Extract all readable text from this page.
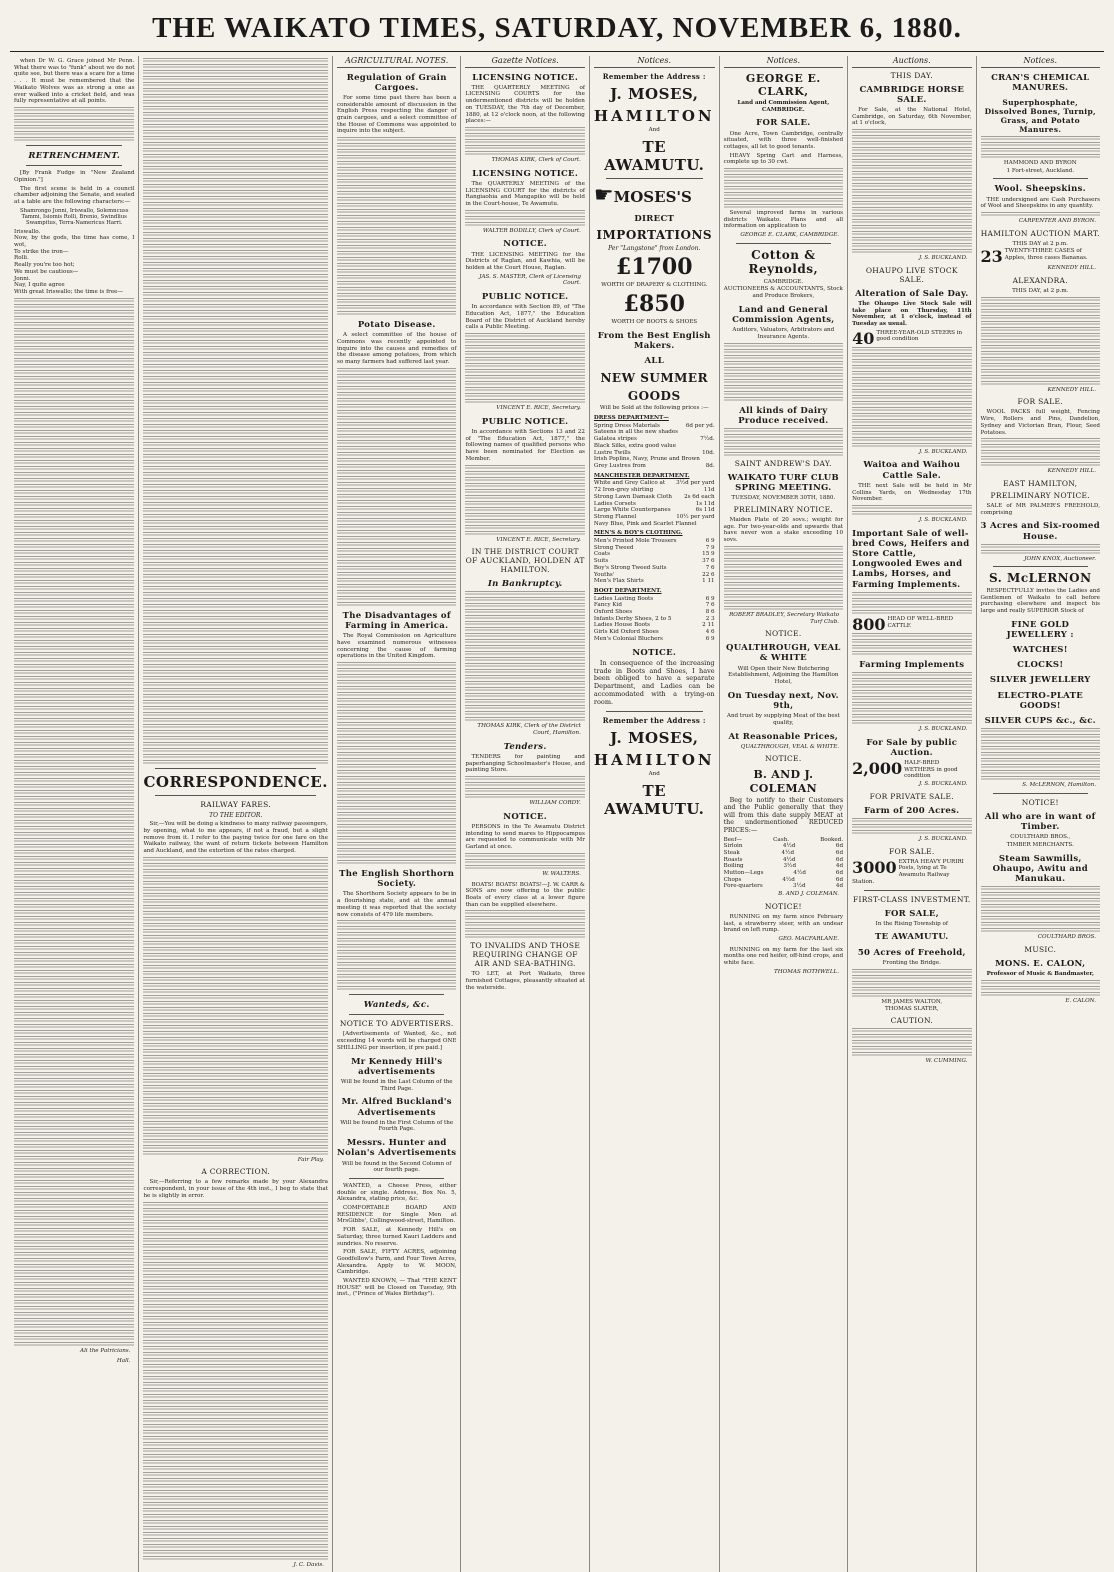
THE WAIKATO TIMES, SATURDAY, NOVEMBER 6, 1880.
when Dr W. G. Grace joined Mr Penn. What there was to "funk" about we do not quite see, but there was a scare for a time . . . It must be remembered that the Waikato Wolves was as strong a one as ever walked into a cricket field, and was fully representative at all points.
RETRENCHMENT.
[By Frank Fudge in "New Zealand Opinion."]
The first scene is held in a council chamber adjoining the Senate, and seated at a table are the following characters:—
Shamrongo Jonni, Iriswallo, Solemncuss Tammi, Isiomis Rolli, Brenio, Swindlius Swampitus, Terra-Namericus Harri.
Iriswallo.
Now, by the gods, the time has come, I wot,
To strike the iron—
Rolli.
Really you're too hot;
We must be cautious—
Jonni.
Nay, I quite agree
With great Iriswallo; the time is free—
Ali the Patricians.
Hall.
CORRESPONDENCE.
RAILWAY FARES.
TO THE EDITOR.
Sir,—You will be doing a kindness to many railway passengers, by opening, what to me appears, if not a fraud, but a slight remove from it. I refer to the paying twice for one fare on the Waikato railway, the want of return tickets between Hamilton and Auckland, and the extortion of the rates charged.
Fair Play.
A CORRECTION.
Sir,—Referring to a few remarks made by your Alexandra correspondent, in your issue of the 4th inst., I beg to state that he is slightly in error.
J. C. Davis.
AGRICULTURAL NOTES.
Regulation of Grain Cargoes.
For some time past there has been a considerable amount of discussion in the English Press respecting the danger of grain cargoes, and a select committee of the House of Commons was appointed to inquire into the subject.
Potato Disease.
A select committee of the house of Commons was recently appointed to inquire into the causes and remedies of the disease among potatoes, from which so many farmers had suffered last year.
The Disadvantages of Farming in America.
The Royal Commission on Agriculture have examined numerous witnesses concerning the cause of farming operations in the United Kingdom.
The English Shorthorn Society.
The Shorthorn Society appears to be in a flourishing state, and at the annual meeting it was reported that the society now consists of 479 life members.
Wanteds, &c.
NOTICE TO ADVERTISERS.
[Advertisements of Wanted, &c., not exceeding 14 words will be charged ONE SHILLING per insertion, if pre paid.]
Mr Kennedy Hill's advertisements
Will be found in the Last Column of the Third Page.
Mr. Alfred Buckland's Advertisements
Will be found in the First Column of the Fourth Page.
Messrs. Hunter and Nolan's Advertisements
Will be found in the Second Column of our fourth page.
WANTED, a Cheese Press, either double or single. Address, Box No. 5, Alexandra, stating price, &c.
COMFORTABLE BOARD AND RESIDENCE for Single Men at MrsGibbs', Collingwood-street, Hamilton.
FOR SALE, at Kennedy Hill's on Saturday, three turned Kauri Ladders and sundries. No reserve.
FOR SALE, FIFTY ACRES, adjoining Goodfellow's Farm, and Four Town Acres, Alexandra. Apply to W. MOON, Cambridge.
WANTED KNOWN, — That "THE KENT HOUSE" will be Closed on Tuesday, 9th inst., ("Prince of Wales Birthday").
Gazette Notices.
LICENSING NOTICE.
THE QUARTERLY MEETING of LICENSING COURTS for the undermentioned districts will be holden on TUESDAY, the 7th day of December, 1880, at 12 o'clock noon, at the following places:—
THOMAS KIRK, Clerk of Court.
LICENSING NOTICE.
The QUARTERLY MEETING of the LICENSING COURT for the districts of Rangiaohia and Mangapiko will be held in the Court-house, Te Awamutu.
WALTER BODILLY, Clerk of Court.
NOTICE.
THE LICENSING MEETING for the Districts of Raglan, and Kawhia, will be holden at the Court House, Raglan.
JAS. S. MASTER, Clerk of Licensing Court.
PUBLIC NOTICE.
In accordance with Section 89, of "The Education Act, 1877," the Education Board of the District of Auckland hereby calls a Public Meeting.
VINCENT E. RICE, Secretary.
PUBLIC NOTICE.
In accordance with Sections 13 and 22 of "The Education Act, 1877," the following names of qualified persons who have been nominated for Election as Member.
VINCENT E. RICE, Secretary.
IN THE DISTRICT COURT OF AUCKLAND, HOLDEN AT HAMILTON.
In Bankruptcy.
THOMAS KIRK, Clerk of the District Court, Hamilton.
Tenders.
TENDERS for painting and paperhanging Schoolmaster's House, and painting Store.
WILLIAM CORDY.
NOTICE.
PERSONS in the Te Awamutu District intending to send mares to Hippocampus are requested to communicate with Mr Garland at once.
W. WALTERS.
BOATS! BOATS! BOATS!—J. W. CARR & SONS are now offering to the public Boats of every class at a lower figure than can be supplied elsewhere.
TO INVALIDS AND THOSE REQUIRING CHANGE OF AIR AND SEA-BATHING.
TO LET, at Port Waikato, three furnished Cottages, pleasantly situated at the waterside.
Notices.
Remember the Address :
J. MOSES,
HAMILTON
And
TE AWAMUTU.
☛MOSES'S
DIRECT
IMPORTATIONS
Per "Langstone" from London.
£1700
WORTH OF DRAPERY & CLOTHING.
£850
WORTH OF BOOTS & SHOES
From the Best English Makers.
ALL
NEW SUMMER
GOODS
Will be Sold at the following prices :—
DRESS DEPARTMENT—
Spring Dress Materials	6d per yd.
Sateens in all the new shades
Galatea stripes	7½d.
Black Silks, extra good value
Lustre Twills	10d.
Irish Poplins, Navy, Prune and Brown
Grey Lustres from	8d.
MANCHESTER DEPARTMENT.
White and Grey Calico at 3½d per yard
72 Iron-grey shirting	11d
Strong Lawn Damask Cloth 2s 6d each
Ladies Corsets	1s 11d
Large White Counterpanes	6s 11d
Strong Flannel	10½ per yard
Navy Blue, Pink and Scarlet Flannel
MEN'S & BOY'S CLOTHING.
Men's Printed Mole Trousers	6 9
Strong Tweed	7 9
Coats	15 9
Suits	37 6
Boy's Strong Tweed Suits	7 6
Youths'	22 6
Men's Flax Shirts	1 11
BOOT DEPARTMENT.
Ladies Lasting Boots	6 9
Fancy Kid	7 6
Oxford Shoes	8 6
Infants Derby Shoes, 2 to 5	2 3
Ladies House Boots	2 11
Girls Kid Oxford Shoes	4 6
Men's Colonial Bluchers	6 9
NOTICE.
In consequence of the increasing trade in Boots and Shoes, I have been obliged to have a separate Department, and Ladies can be accommodated with a trying-on room.
Remember the Address :
J. MOSES,
HAMILTON
And
TE AWAMUTU.
Notices.
GEORGE E. CLARK,
Land and Commission Agent, CAMBRIDGE.
FOR SALE.
One Acre, Town Cambridge, centrally situated, with three well-finished cottages, all let to good tenants.
HEAVY Spring Cart and Harness, complete up to 30 cwt.
Several improved farms in various districts Waikato. Plans and all information on application to
GEORGE E. CLARK, CAMBRIDGE.
Cotton & Reynolds,
CAMBRIDGE.
AUCTIONEERS & ACCOUNTANTS, Stock and Produce Brokers,
Land and General Commission Agents,
Auditors, Valuators, Arbitrators and Insurance Agents.
All kinds of Dairy Produce received.
SAINT ANDREW'S DAY.
WAIKATO TURF CLUB SPRING MEETING.
TUESDAY, NOVEMBER 30TH, 1880.
PRELIMINARY NOTICE.
Maiden Plate of 20 sovs.; weight for age. For two-year-olds and upwards that have never won a stake exceeding 10 sovs.
ROBERT BRADLEY, Secretary Waikato Turf Club.
NOTICE.
QUALTHROUGH, VEAL & WHITE
Will Open their New Butchering Establishment, Adjoining the Hamilton Hotel,
On Tuesday next, Nov. 9th,
And trust by supplying Meat of the best quality,
At Reasonable Prices,
QUALTHROUGH, VEAL & WHITE.
NOTICE.
B. AND J. COLEMAN
Beg to notify to their Customers and the Public generally that they will from this date supply MEAT at the undermentioned REDUCED PRICES:—
Beef—	Cash.	Booked.
Sirloin	4½d	6d
Steak	4½d	6d
Roasts	4½d	6d
Boiling	3½d	4d
Mutton—Legs	4½d	6d
Chops	4½d	6d
Fore-quarters	3½d	4d
B. AND J. COLEMAN.
NOTICE!
RUNNING on my farm since February last, a strawberry steer, with an undear brand on left rump.
GEO. MACFARLANE.
RUNNING on my farm for the last six months one red heifer, off-hind crops, and white face.
THOMAS ROTHWELL.
Auctions.
THIS DAY.
CAMBRIDGE HORSE SALE.
For Sale, at the National Hotel, Cambridge, on Saturday, 6th November, at 1 o'clock,
J. S. BUCKLAND.
OHAUPO LIVE STOCK SALE.
Alteration of Sale Day.
The Ohaupo Live Stock Sale will take place on Thursday, 11th November, at 1 o'clock, instead of Tuesday as usual.
40 THREE-YEAR-OLD STEERS in good condition
J. S. BUCKLAND.
Waitoa and Waihou Cattle Sale.
THE next Sale will be held in Mr Collins Yards, on Wednesday 17th November.
J. S. BUCKLAND.
Important Sale of well-bred Cows, Heifers and Store Cattle, Longwooled Ewes and Lambs, Horses, and Farming Implements.
800 HEAD OF WELL-BRED CATTLE
Farming Implements
J. S. BUCKLAND.
For Sale by public Auction.
2,000 HALF-BRED WETHERS in good condition
J. S. BUCKLAND.
FOR PRIVATE SALE.
Farm of 200 Acres.
J. S. BUCKLAND.
FOR SALE.
3000 EXTRA HEAVY PURIRI Posts, lying at Te Awamutu Railway Station.
FIRST-CLASS INVESTMENT.
FOR SALE,
In the Rising Township of
TE AWAMUTU.
50 Acres of Freehold,
Fronting the Bridge.
MR JAMES WALTON,
THOMAS SLATER,
CAUTION.
W. CUMMING.
Notices.
CRAN'S CHEMICAL MANURES.
Superphosphate, Dissolved Bones, Turnip, Grass, and Potato Manures.
HAMMOND AND BYRON
1 Fort-street, Auckland.
Wool. Sheepskins.
THE undersigned are Cash Purchasers of Wool and Sheepskins in any quantity.
CARPENTER AND BYRON.
HAMILTON AUCTION MART.
THIS DAY at 2 p.m.
23 TWENTY-THREE CASES of Apples, three cases Bananas.
KENNEDY HILL.
ALEXANDRA.
THIS DAY, at 2 p.m.
KENNEDY HILL.
FOR SALE.
WOOL PACKS full weight, Fencing Wire, Rollers and Pins, Dandelion, Sydney and Victorian Bran, Flour, Seed Potatoes.
KENNEDY HILL.
EAST HAMILTON,
PRELIMINARY NOTICE.
SALE of MR PALMER'S FREEHOLD, comprising
3 Acres and Six-roomed House.
JOHN KNOX, Auctioneer.
S. McLERNON
RESPECTFULLY invites the Ladies and Gentlemen of Waikato to call before purchasing elsewhere and inspect his large and really SUPERIOR Stock of
FINE GOLD JEWELLERY :
WATCHES!
CLOCKS!
SILVER JEWELLERY
ELECTRO-PLATE GOODS!
SILVER CUPS &c., &c.
S. McLERNON, Hamilton.
NOTICE!
All who are in want of Timber.
COULTHARD BROS.,
TIMBER MERCHANTS.
Steam Sawmills, Ohaupo, Awitu and Manukau.
COULTHARD BROS.
MUSIC.
MONS. E. CALON,
Professor of Music & Bandmaster,
E. CALON.
